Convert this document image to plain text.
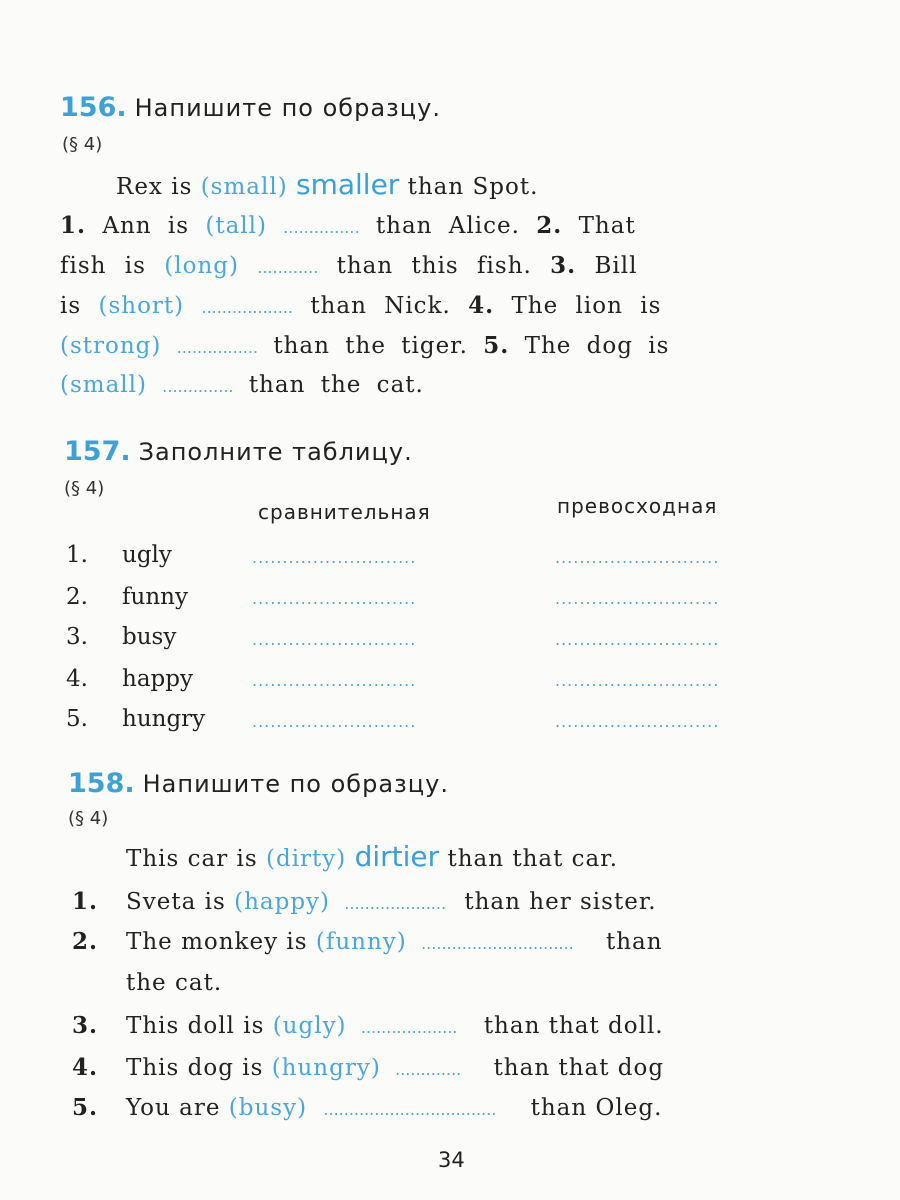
156. Напишите по образцу.
(§ 4)
Rex is (small) smaller than Spot.
1. Ann is (tall) ............... than Alice. 2. That
fish is (long) ............ than this fish. 3. Bill
is (short) .................. than Nick. 4. The lion is
(strong) ................ than the tiger. 5. The dog is
(small) .............. than the cat.
157. Заполните таблицу.
(§ 4)
сравнительная	превосходная
1. ugly	...........................	...........................
2. funny	...........................	...........................
3. busy	...........................	...........................
4. happy	...........................	...........................
5. hungry	...........................	...........................
158. Напишите по образцу.
(§ 4)
This car is (dirty) dirtier than that car.
1. Sveta is (happy) .................... than her sister.
2. The monkey is (funny) .............................. than
the cat.
3. This doll is (ugly) ................... than that doll.
4. This dog is (hungry) ............. than that dog
5. You are (busy) .................................. than Oleg.
34
